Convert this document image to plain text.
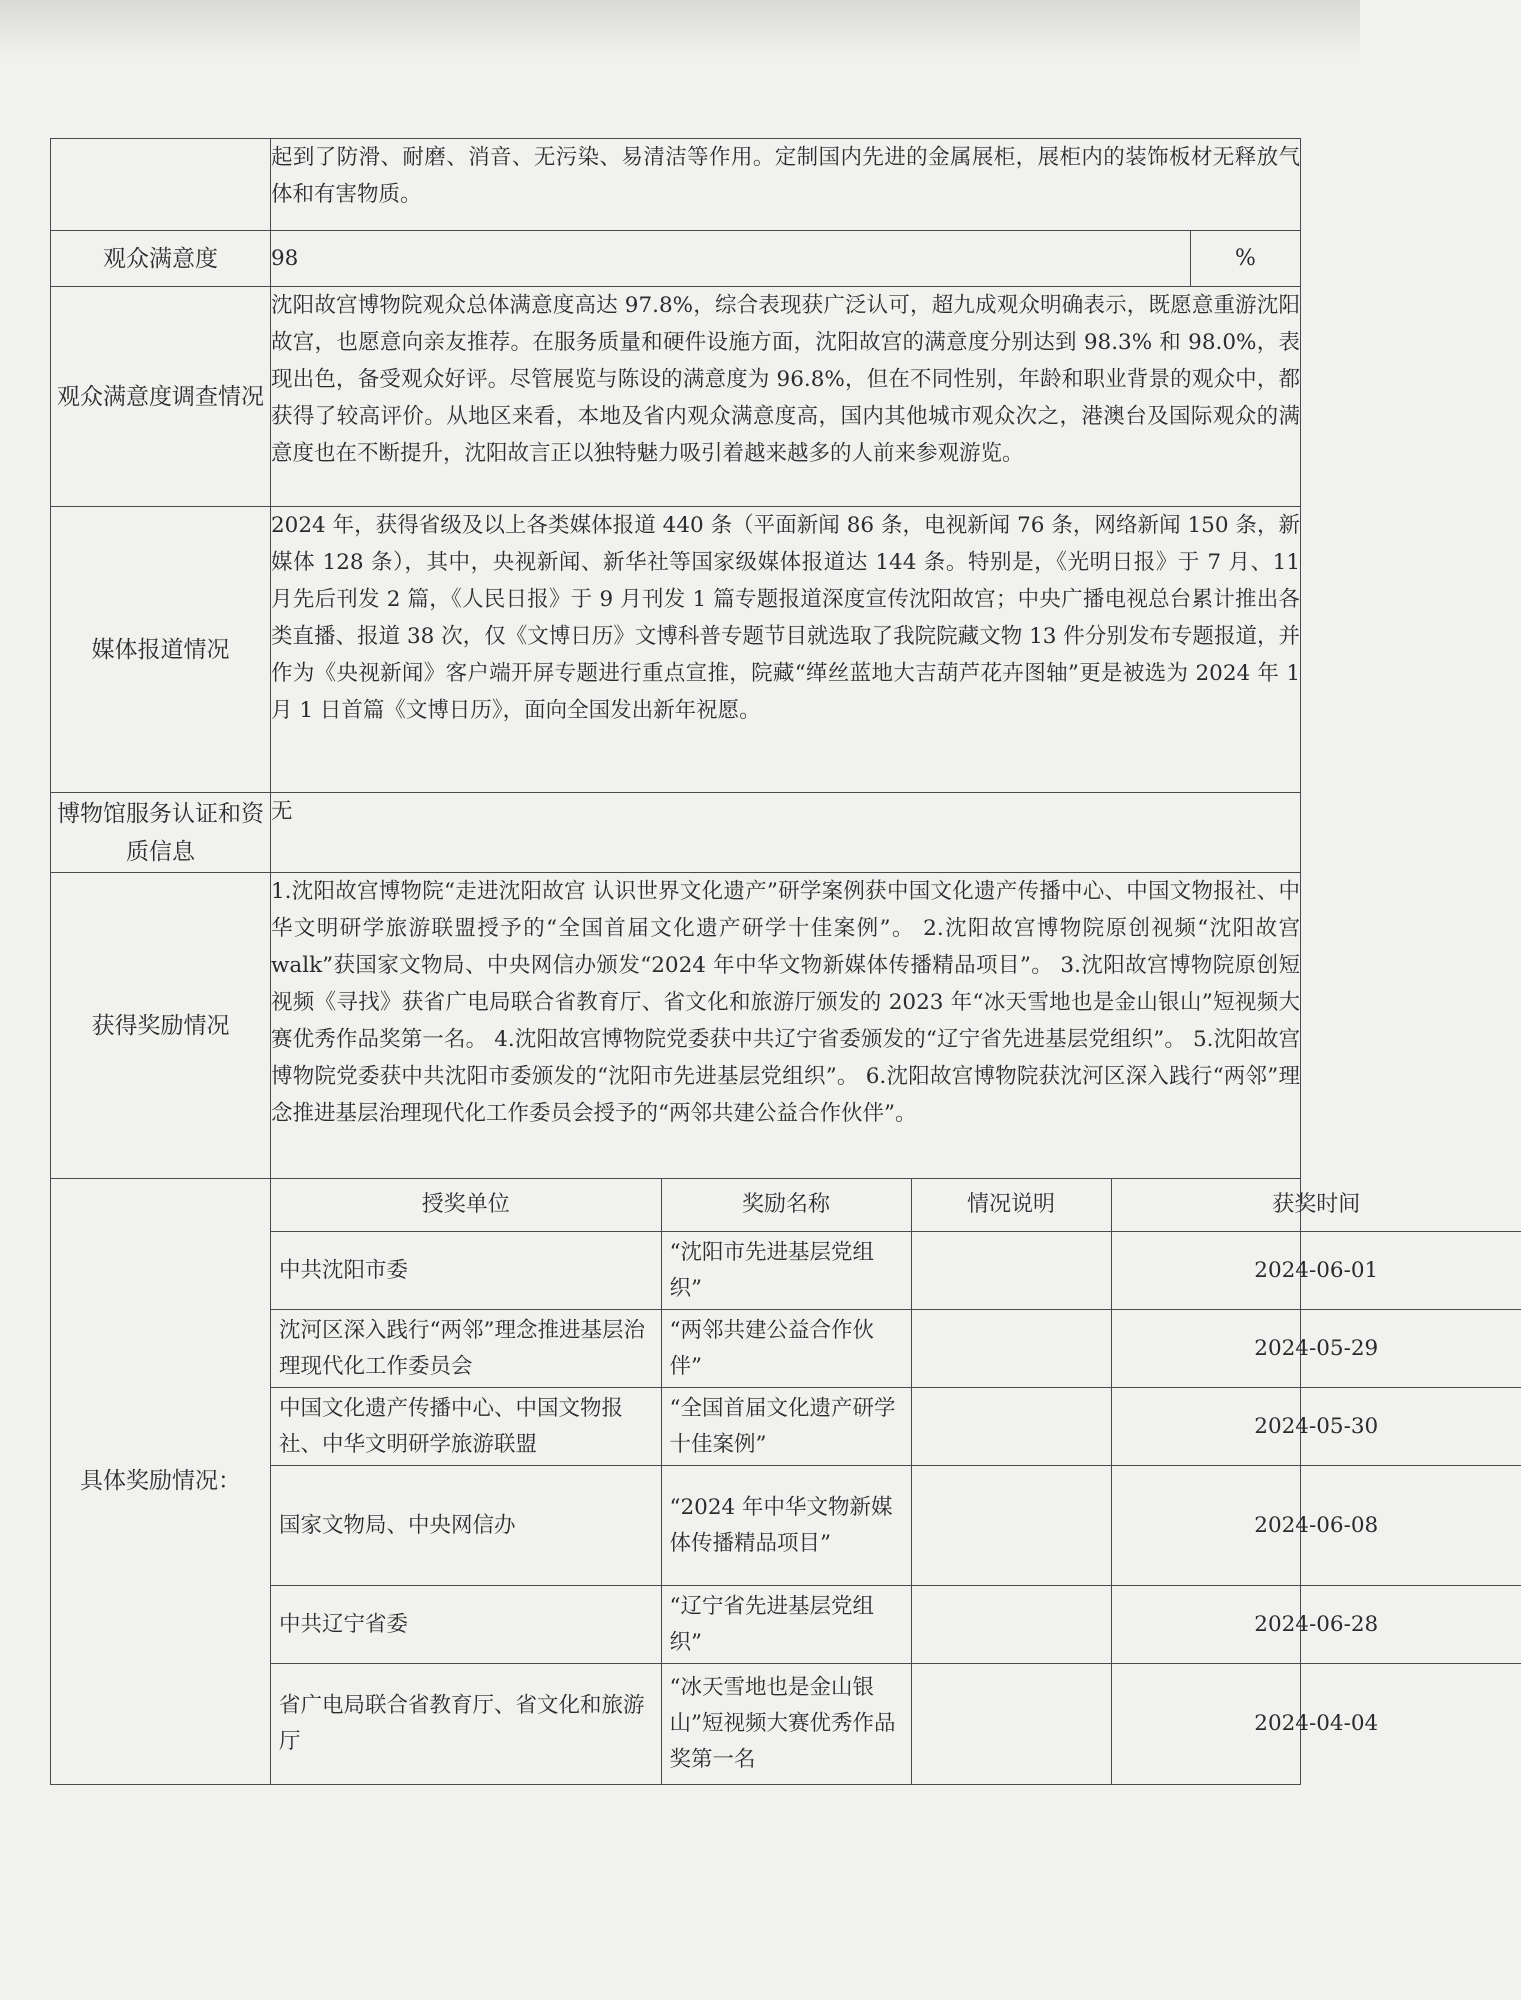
	起到了防滑、耐磨、消音、无污染、易清洁等作用。定制国内先进的金属展柜，展柜内的装饰板材无释放气体和有害物质。
观众满意度	98	%
观众满意度调查情况	沈阳故宫博物院观众总体满意度高达 97.8%，综合表现获广泛认可，超九成观众明确表示，既愿意重游沈阳故宫，也愿意向亲友推荐。在服务质量和硬件设施方面，沈阳故宫的满意度分别达到 98.3% 和 98.0%，表现出色，备受观众好评。尽管展览与陈设的满意度为 96.8%，但在不同性别，年龄和职业背景的观众中，都获得了较高评价。从地区来看，本地及省内观众满意度高，国内其他城市观众次之，港澳台及国际观众的满意度也在不断提升，沈阳故言正以独特魅力吸引着越来越多的人前来参观游览。
媒体报道情况	2024 年，获得省级及以上各类媒体报道 440 条（平面新闻 86 条，电视新闻 76 条，网络新闻 150 条，新媒体 128 条），其中，央视新闻、新华社等国家级媒体报道达 144 条。特别是，《光明日报》于 7 月、11 月先后刊发 2 篇，《人民日报》于 9 月刊发 1 篇专题报道深度宣传沈阳故宫；中央广播电视总台累计推出各类直播、报道 38 次，仅《文博日历》文博科普专题节目就选取了我院院藏文物 13 件分别发布专题报道，并作为《央视新闻》客户端开屏专题进行重点宣推，院藏“缂丝蓝地大吉葫芦花卉图轴”更是被选为 2024 年 1 月 1 日首篇《文博日历》，面向全国发出新年祝愿。
博物馆服务认证和资质信息	无
获得奖励情况	1.沈阳故宫博物院“走进沈阳故宫 认识世界文化遗产”研学案例获中国文化遗产传播中心、中国文物报社、中华文明研学旅游联盟授予的“全国首届文化遗产研学十佳案例”。 2.沈阳故宫博物院原创视频“沈阳故宫 walk”获国家文物局、中央网信办颁发“2024 年中华文物新媒体传播精品项目”。 3.沈阳故宫博物院原创短视频《寻找》获省广电局联合省教育厅、省文化和旅游厅颁发的 2023 年“冰天雪地也是金山银山”短视频大赛优秀作品奖第一名。 4.沈阳故宫博物院党委获中共辽宁省委颁发的“辽宁省先进基层党组织”。 5.沈阳故宫博物院党委获中共沈阳市委颁发的“沈阳市先进基层党组织”。 6.沈阳故宫博物院获沈河区深入践行“两邻”理念推进基层治理现代化工作委员会授予的“两邻共建公益合作伙伴”。
具体奖励情况：	
授奖单位	奖励名称	情况说明	获奖时间
中共沈阳市委	“沈阳市先进基层党组织”		2024-06-01
沈河区深入践行“两邻”理念推进基层治理现代化工作委员会	“两邻共建公益合作伙伴”		2024-05-29
中国文化遗产传播中心、中国文物报社、中华文明研学旅游联盟	“全国首届文化遗产研学十佳案例”		2024-05-30
国家文物局、中央网信办	“2024 年中华文物新媒体传播精品项目”		2024-06-08
中共辽宁省委	“辽宁省先进基层党组织”		2024-06-28
省广电局联合省教育厅、省文化和旅游厅	“冰天雪地也是金山银山”短视频大赛优秀作品奖第一名		2024-04-04
